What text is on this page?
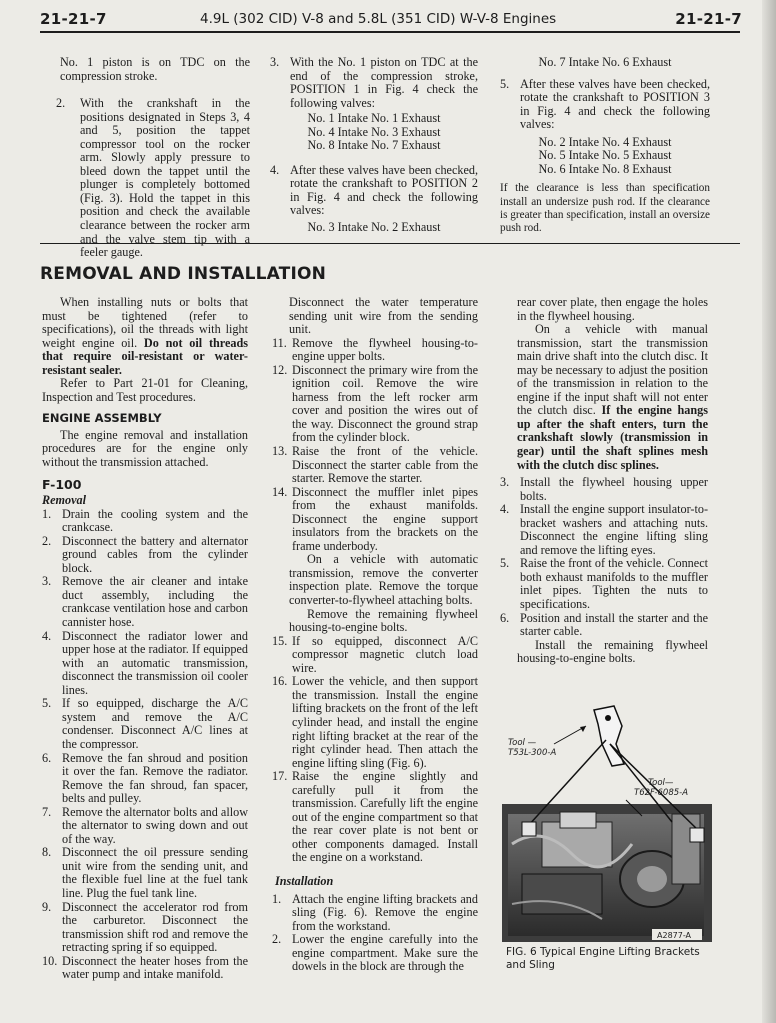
21-21-7	4.9L (302 CID) V-8 and 5.8L (351 CID) W-V-8 Engines	21-21-7

No. 1 piston is on TDC on the compression stroke.

2. With the crankshaft in the positions designated in Steps 3, 4 and 5, position the tappet compressor tool on the rocker arm. Slowly apply pressure to bleed down the tappet until the plunger is completely bottomed (Fig. 3). Hold the tappet in this position and check the available clearance between the rocker arm and the valve stem tip with a feeler gauge.
3. With the No. 1 piston on TDC at the end of the compression stroke, POSITION 1 in Fig. 4 check the following valves:
No. 1 Intake No. 1 Exhaust
No. 4 Intake No. 3 Exhaust
No. 8 Intake No. 7 Exhaust
4. After these valves have been checked, rotate the crankshaft to POSITION 2 in Fig. 4 and check the following valves:
No. 3 Intake No. 2 Exhaust
No. 7 Intake No. 6 Exhaust
5. After these valves have been checked, rotate the crankshaft to POSITION 3 in Fig. 4 and check the following valves:
No. 2 Intake No. 4 Exhaust
No. 5 Intake No. 5 Exhaust
No. 6 Intake No. 8 Exhaust

If the clearance is less than specification install an undersize push rod. If the clearance is greater than specification, install an oversize push rod.

REMOVAL AND INSTALLATION

When installing nuts or bolts that must be tightened (refer to specifications), oil the threads with light weight engine oil. Do not oil threads that require oil-resistant or water-resistant sealer.

Refer to Part 21-01 for Cleaning, Inspection and Test procedures.

ENGINE ASSEMBLY

The engine removal and installation procedures are for the engine only without the transmission attached.

F-100
Removal
1. Drain the cooling system and the crankcase.
2. Disconnect the battery and alternator ground cables from the cylinder block.
3. Remove the air cleaner and intake duct assembly, including the crankcase ventilation hose and carbon cannister hose.
4. Disconnect the radiator lower and upper hose at the radiator. If equipped with an automatic transmission, disconnect the transmission oil cooler lines.
5. If so equipped, discharge the A/C system and remove the A/C condenser. Disconnect A/C lines at the compressor.
6. Remove the fan shroud and position it over the fan. Remove the radiator. Remove the fan shroud, fan spacer, belts and pulley.
7. Remove the alternator bolts and allow the alternator to swing down and out of the way.
8. Disconnect the oil pressure sending unit wire from the sending unit, and the flexible fuel line at the fuel tank line. Plug the fuel tank line.
9. Disconnect the accelerator rod from the carburetor. Disconnect the transmission shift rod and remove the retracting spring if so equipped.
10. Disconnect the heater hoses from the water pump and intake manifold.

Disconnect the water temperature sending unit wire from the sending unit.

11. Remove the flywheel housing-to-engine upper bolts.
12. Disconnect the primary wire from the ignition coil. Remove the wire harness from the left rocker arm cover and position the wires out of the way. Disconnect the ground strap from the cylinder block.
13. Raise the front of the vehicle. Disconnect the starter cable from the starter. Remove the starter.
14. Disconnect the muffler inlet pipes from the exhaust manifolds. Disconnect the engine support insulators from the brackets on the frame underbody.

On a vehicle with automatic transmission, remove the converter inspection plate. Remove the torque converter-to-flywheel attaching bolts.

Remove the remaining flywheel housing-to-engine bolts.

15. If so equipped, disconnect A/C compressor magnetic clutch load wire.
16. Lower the vehicle, and then support the transmission. Install the engine lifting brackets on the front of the left cylinder head, and install the engine right lifting bracket at the rear of the right cylinder head. Then attach the engine lifting sling (Fig. 6).
17. Raise the engine slightly and carefully pull it from the transmission. Carefully lift the engine out of the engine compartment so that the rear cover plate is not bent or other components damaged. Install the engine on a workstand.
Installation
1. Attach the engine lifting brackets and sling (Fig. 6). Remove the engine from the workstand.
2. Lower the engine carefully into the engine compartment. Make sure the dowels in the block are through the

rear cover plate, then engage the holes in the flywheel housing.

On a vehicle with manual transmission, start the transmission main drive shaft into the clutch disc. It may be necessary to adjust the position of the transmission in relation to the engine if the input shaft will not enter the clutch disc. If the engine hangs up after the shaft enters, turn the crankshaft slowly (transmission in gear) until the shaft splines mesh with the clutch disc splines.

3. Install the flywheel housing upper bolts.
4. Install the engine support insulator-to-bracket washers and attaching nuts. Disconnect the engine lifting sling and remove the lifting eyes.
5. Raise the front of the vehicle. Connect both exhaust manifolds to the muffler inlet pipes. Tighten the nuts to specifications.
6. Position and install the starter and the starter cable.

Install the remaining flywheel housing-to-engine bolts.

Tool —
T53L-300-A
Tool—
T62F-6085-A
A2877-A
FIG. 6 Typical Engine Lifting Brackets and Sling
